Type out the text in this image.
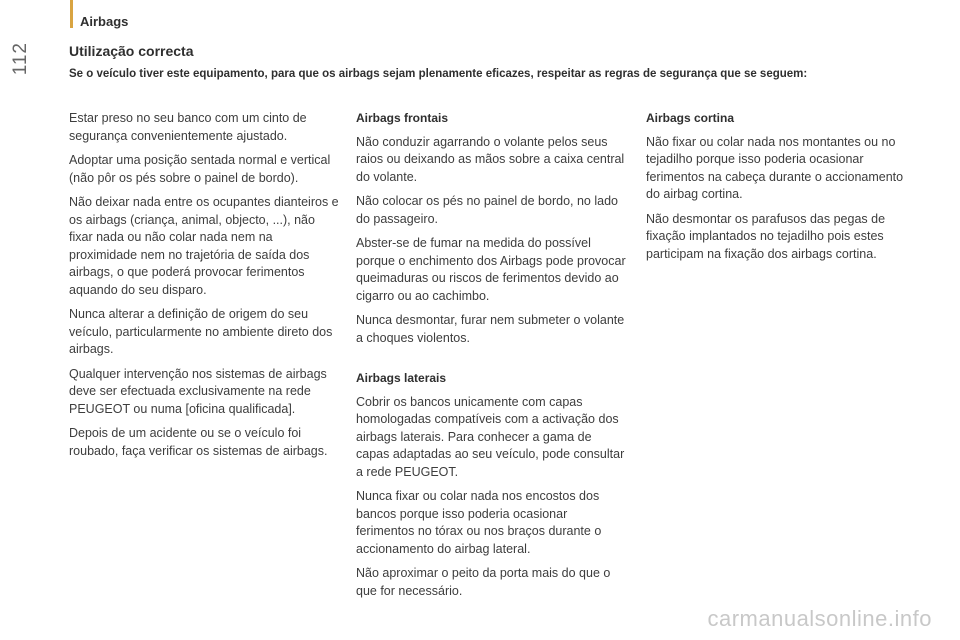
Airbags
112	Utilização correcta
Se o veículo tiver este equipamento, para que os airbags sejam plenamente eficazes, respeitar as regras de segurança que se seguem:

Estar preso no seu banco com um cinto de segurança convenientemente ajustado.

Adoptar uma posição sentada normal e vertical (não pôr os pés sobre o painel de bordo).

Não deixar nada entre os ocupantes dianteiros e os airbags (criança, animal, objecto, ...), não fixar nada ou não colar nada nem na proximidade nem no trajetória de saída dos airbags, o que poderá provocar ferimentos aquando do seu disparo.

Nunca alterar a definição de origem do seu veículo, particularmente no ambiente direto dos airbags.

Qualquer intervenção nos sistemas de airbags deve ser efectuada exclusivamente na rede PEUGEOT ou numa [oficina qualificada].

Depois de um acidente ou se o veículo foi roubado, faça verificar os sistemas de airbags.

Airbags frontais

Não conduzir agarrando o volante pelos seus raios ou deixando as mãos sobre a caixa central do volante.

Não colocar os pés no painel de bordo, no lado do passageiro.

Abster-se de fumar na medida do possível porque o enchimento dos Airbags pode provocar queimaduras ou riscos de ferimentos devido ao cigarro ou ao cachimbo.

Nunca desmontar, furar nem submeter o volante a choques violentos.

Airbags laterais

Cobrir os bancos unicamente com capas homologadas compatíveis com a activação dos airbags laterais. Para conhecer a gama de capas adaptadas ao seu veículo, pode consultar a rede PEUGEOT.

Nunca fixar ou colar nada nos encostos dos bancos porque isso poderia ocasionar ferimentos no tórax ou nos braços durante o accionamento do airbag lateral.

Não aproximar o peito da porta mais do que o que for necessário.

Airbags cortina

Não fixar ou colar nada nos montantes ou no tejadilho porque isso poderia ocasionar ferimentos na cabeça durante o accionamento do airbag cortina.

Não desmontar os parafusos das pegas de fixação implantados no tejadilho pois estes participam na fixação dos airbags cortina.

carmanualsonline.info
